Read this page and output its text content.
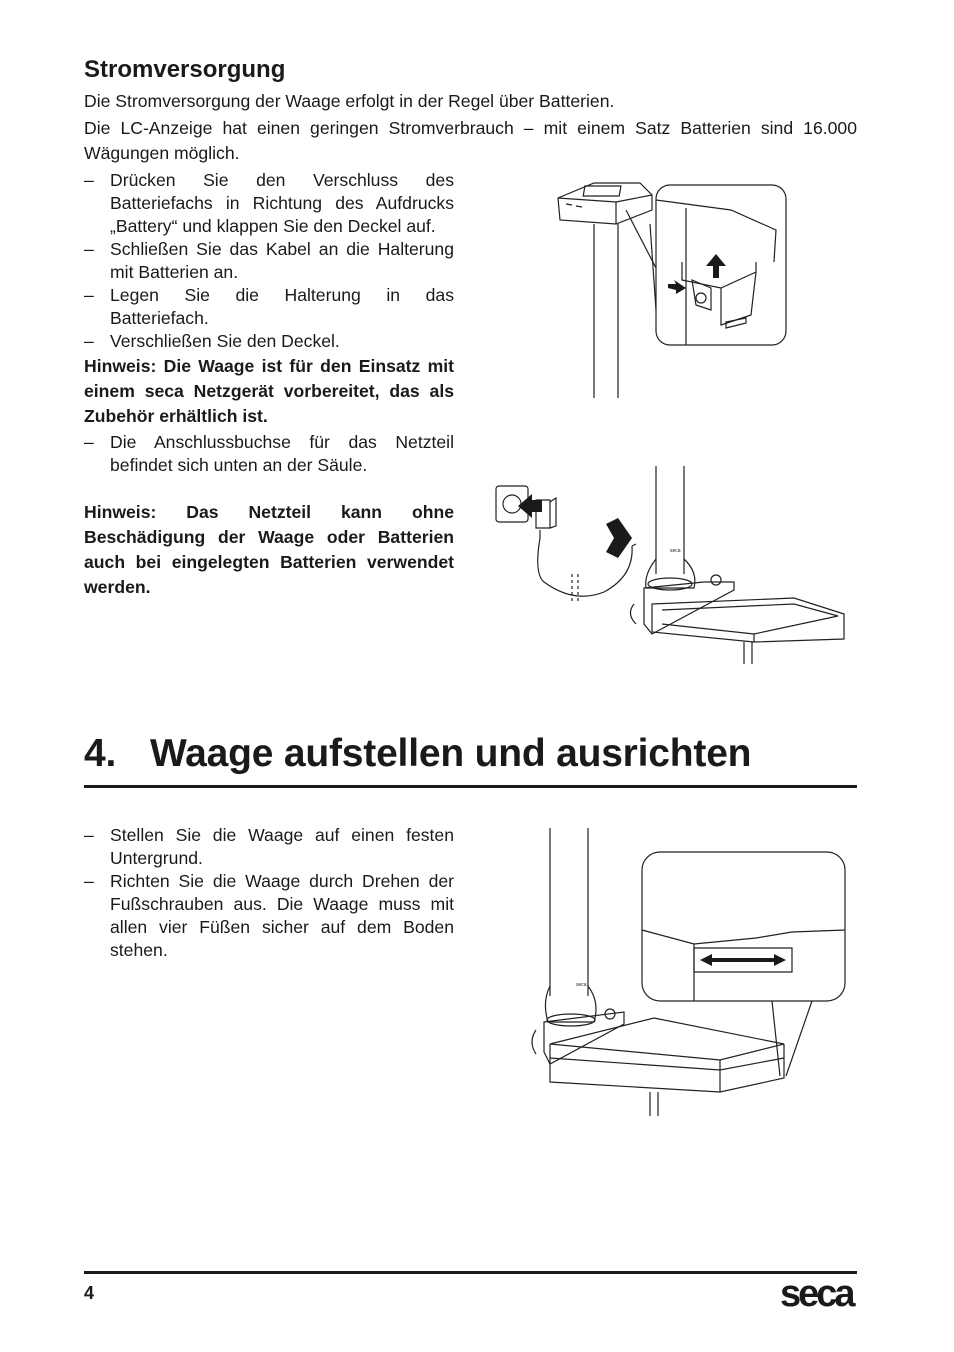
Stromversorgung

Die Stromversorgung der Waage erfolgt in der Regel über Batterien.

Die LC-Anzeige hat einen geringen Stromverbrauch – mit einem Satz Batterien sind 16.000 Wägungen möglich.

– Drücken Sie den Verschluss des Batteriefachs in Richtung des Aufdrucks „Battery“ und klappen Sie den Deckel auf.
– Schließen Sie das Kabel an die Halterung mit Batterien an.
– Legen Sie die Halterung in das Batteriefach.
– Verschließen Sie den Deckel.

Hinweis: Die Waage ist für den Einsatz mit einem seca Netzgerät vorbereitet, das als Zubehör erhältlich ist.

– Die Anschlussbuchse für das Netzteil befindet sich unten an der Säule.

Hinweis: Das Netzteil kann ohne Beschädigung der Waage oder Batterien auch bei eingelegten Batterien verwendet werden.

seca
4. Waage aufstellen und ausrichten
– Stellen Sie die Waage auf einen festen Untergrund.
– Richten Sie die Waage durch Drehen der Fußschrauben aus. Die Waage muss mit allen vier Füßen sicher auf dem Boden stehen.
seca
4	seca
